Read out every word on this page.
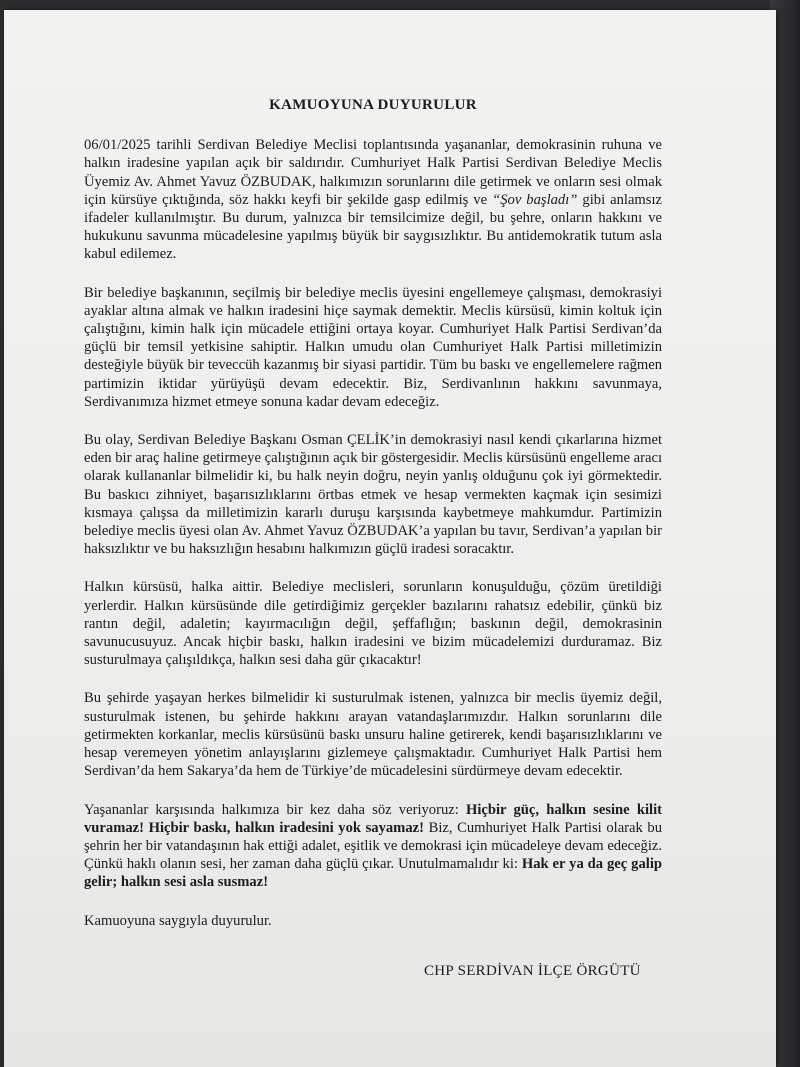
KAMUOYUNA DUYURULUR

06/01/2025 tarihli Serdivan Belediye Meclisi toplantısında yaşananlar, demokrasinin ruhuna ve halkın iradesine yapılan açık bir saldırıdır. Cumhuriyet Halk Partisi Serdivan Belediye Meclis Üyemiz Av. Ahmet Yavuz ÖZBUDAK, halkımızın sorunlarını dile getirmek ve onların sesi olmak için kürsüye çıktığında, söz hakkı keyfi bir şekilde gasp edilmiş ve “Şov başladı” gibi anlamsız ifadeler kullanılmıştır. Bu durum, yalnızca bir temsilcimize değil, bu şehre, onların hakkını ve hukukunu savunma mücadelesine yapılmış büyük bir saygısızlıktır. Bu antidemokratik tutum asla kabul edilemez.

Bir belediye başkanının, seçilmiş bir belediye meclis üyesini engellemeye çalışması, demokrasiyi ayaklar altına almak ve halkın iradesini hiçe saymak demektir. Meclis kürsüsü, kimin koltuk için çalıştığını, kimin halk için mücadele ettiğini ortaya koyar. Cumhuriyet Halk Partisi Serdivan’da güçlü bir temsil yetkisine sahiptir. Halkın umudu olan Cumhuriyet Halk Partisi milletimizin desteğiyle büyük bir teveccüh kazanmış bir siyasi partidir. Tüm bu baskı ve engellemelere rağmen partimizin iktidar yürüyüşü devam edecektir. Biz, Serdivanlının hakkını savunmaya, Serdivanımıza hizmet etmeye sonuna kadar devam edeceğiz.

Bu olay, Serdivan Belediye Başkanı Osman ÇELİK’in demokrasiyi nasıl kendi çıkarlarına hizmet eden bir araç haline getirmeye çalıştığının açık bir göstergesidir. Meclis kürsüsünü engelleme aracı olarak kullananlar bilmelidir ki, bu halk neyin doğru, neyin yanlış olduğunu çok iyi görmektedir. Bu baskıcı zihniyet, başarısızlıklarını örtbas etmek ve hesap vermekten kaçmak için sesimizi kısmaya çalışsa da milletimizin kararlı duruşu karşısında kaybetmeye mahkumdur. Partimizin belediye meclis üyesi olan Av. Ahmet Yavuz ÖZBUDAK’a yapılan bu tavır, Serdivan’a yapılan bir haksızlıktır ve bu haksızlığın hesabını halkımızın güçlü iradesi soracaktır.

Halkın kürsüsü, halka aittir. Belediye meclisleri, sorunların konuşulduğu, çözüm üretildiği yerlerdir. Halkın kürsüsünde dile getirdiğimiz gerçekler bazılarını rahatsız edebilir, çünkü biz rantın değil, adaletin; kayırmacılığın değil, şeffaflığın; baskının değil, demokrasinin savunucusuyuz. Ancak hiçbir baskı, halkın iradesini ve bizim mücadelemizi durduramaz. Biz susturulmaya çalışıldıkça, halkın sesi daha gür çıkacaktır!

Bu şehirde yaşayan herkes bilmelidir ki susturulmak istenen, yalnızca bir meclis üyemiz değil, susturulmak istenen, bu şehirde hakkını arayan vatandaşlarımızdır. Halkın sorunlarını dile getirmekten korkanlar, meclis kürsüsünü baskı unsuru haline getirerek, kendi başarısızlıklarını ve hesap veremeyen yönetim anlayışlarını gizlemeye çalışmaktadır. Cumhuriyet Halk Partisi hem Serdivan’da hem Sakarya’da hem de Türkiye’de mücadelesini sürdürmeye devam edecektir.

Yaşananlar karşısında halkımıza bir kez daha söz veriyoruz: Hiçbir güç, halkın sesine kilit vuramaz! Hiçbir baskı, halkın iradesini yok sayamaz! Biz, Cumhuriyet Halk Partisi olarak bu şehrin her bir vatandaşının hak ettiği adalet, eşitlik ve demokrasi için mücadeleye devam edeceğiz. Çünkü haklı olanın sesi, her zaman daha güçlü çıkar. Unutulmamalıdır ki: Hak er ya da geç galip gelir; halkın sesi asla susmaz!

Kamuoyuna saygıyla duyurulur.

CHP SERDİVAN İLÇE ÖRGÜTÜ
